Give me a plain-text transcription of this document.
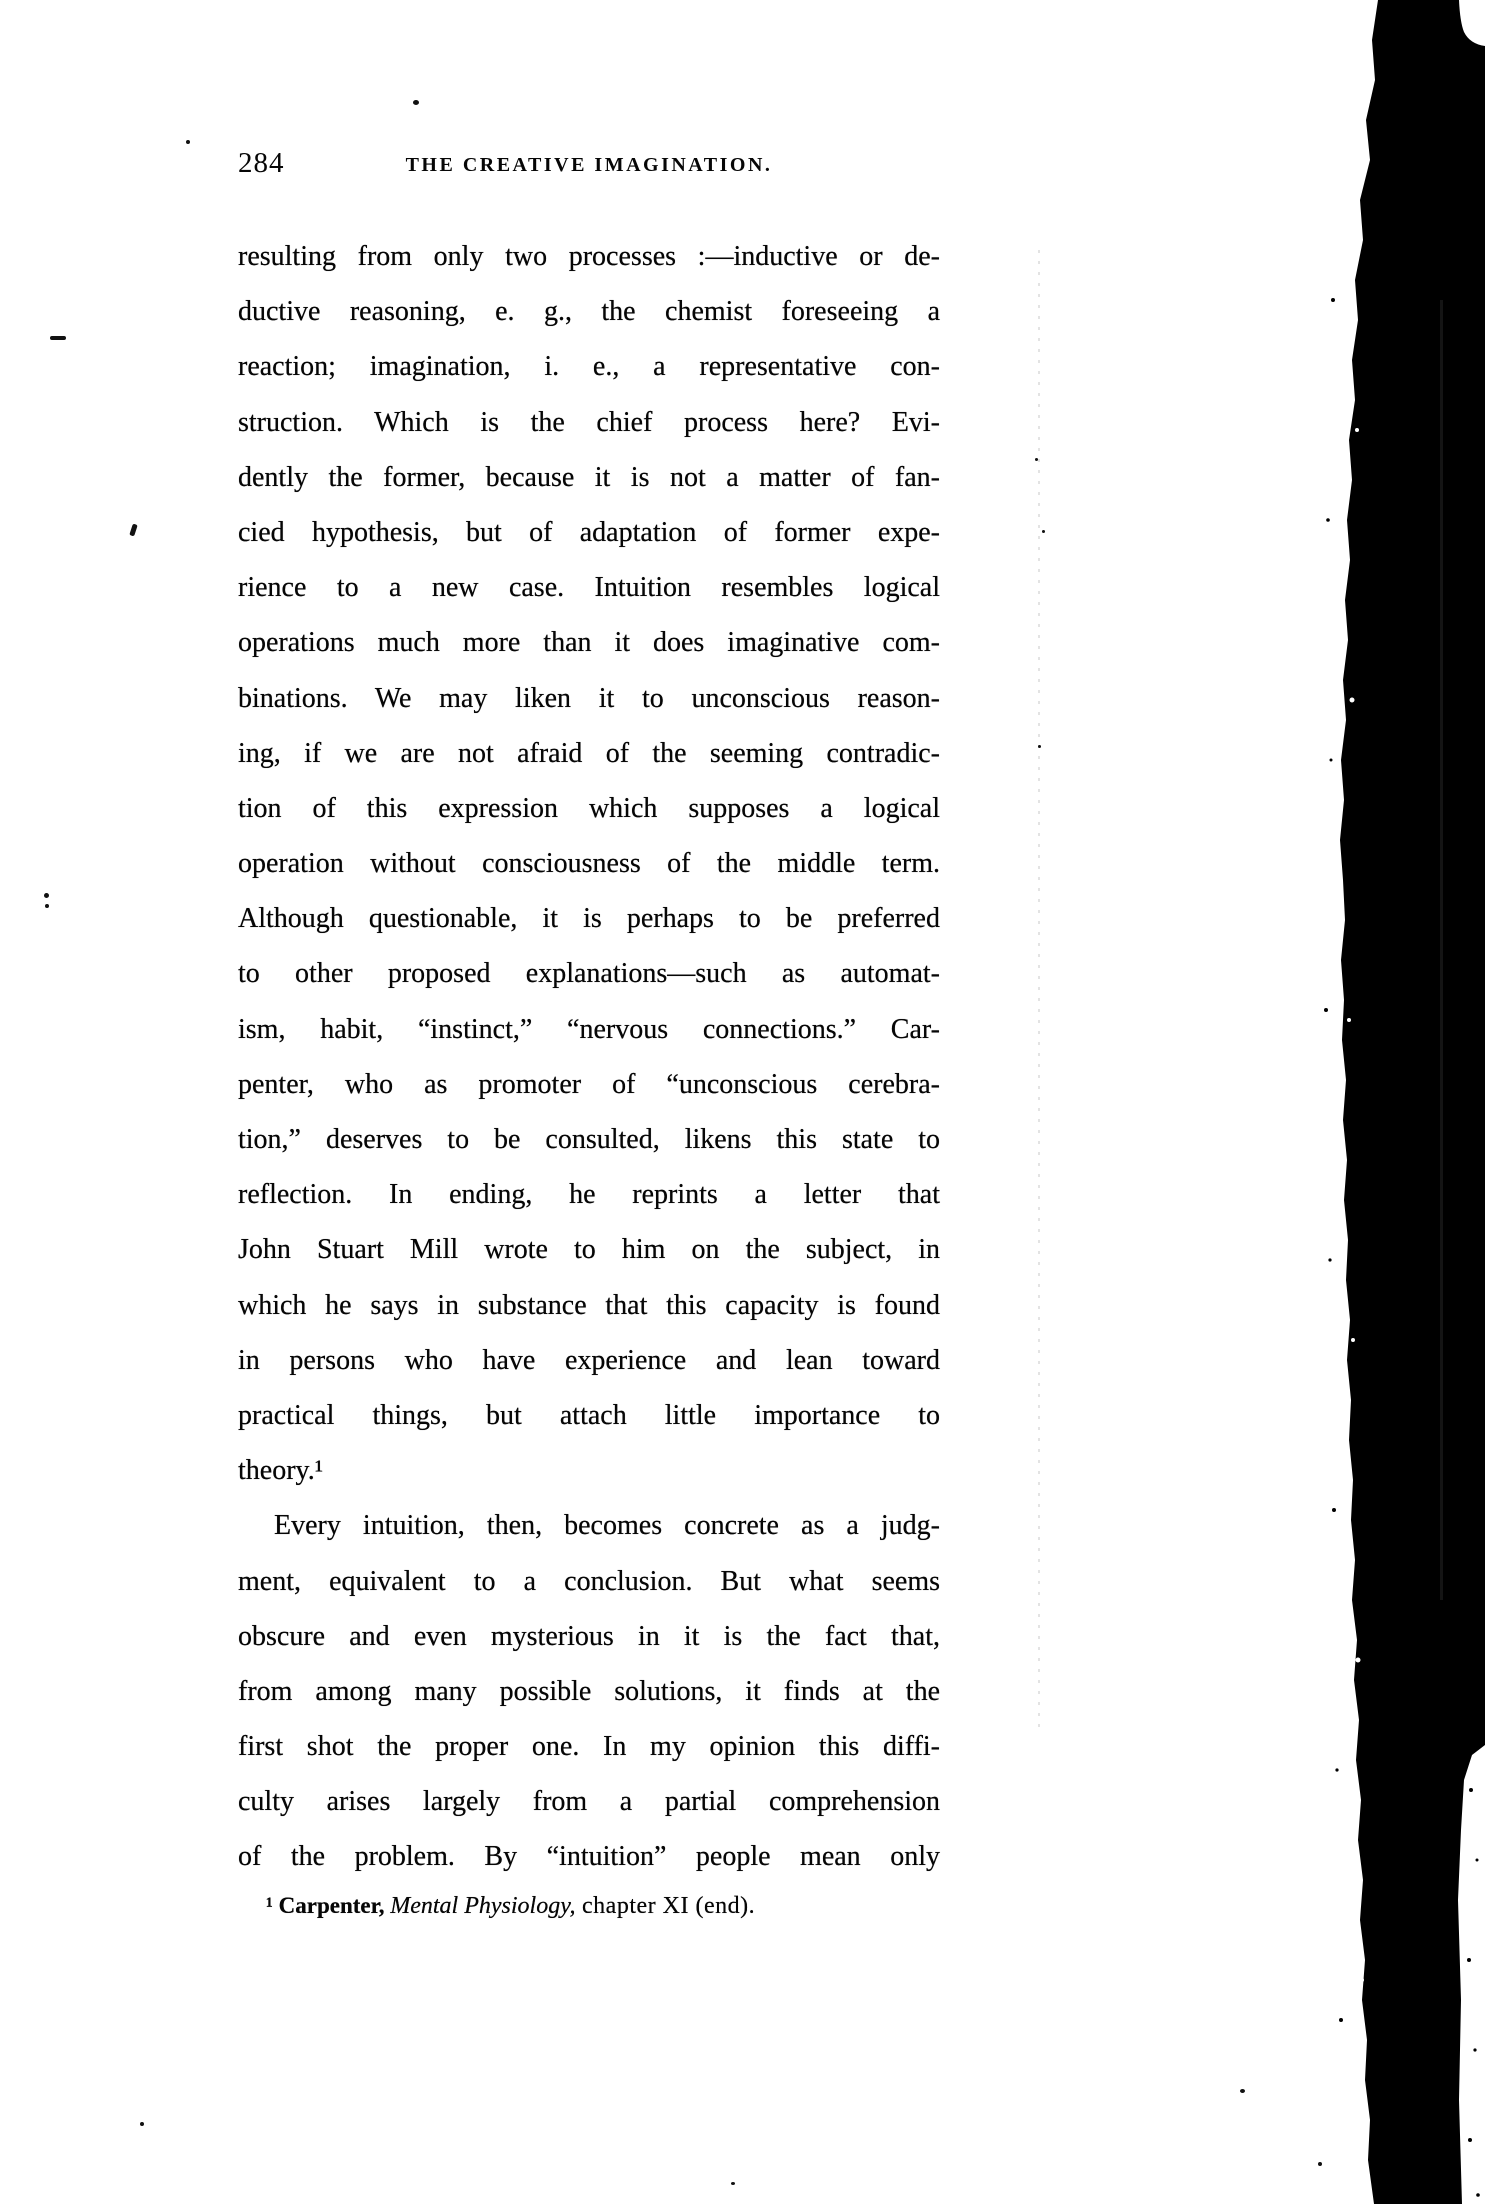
284	THE CREATIVE IMAGINATION.
resulting from only two processes :—inductive or de-
ductive reasoning, e. g., the chemist foreseeing a
reaction; imagination, i. e., a representative con-
struction. Which is the chief process here? Evi-
dently the former, because it is not a matter of fan-
cied hypothesis, but of adaptation of former expe-
rience to a new case. Intuition resembles logical
operations much more than it does imaginative com-
binations. We may liken it to unconscious reason-
ing, if we are not afraid of the seeming contradic-
tion of this expression which supposes a logical
operation without consciousness of the middle term.
Although questionable, it is perhaps to be preferred
to other proposed explanations—such as automat-
ism, habit, “instinct,” “nervous connections.” Car-
penter, who as promoter of “unconscious cerebra-
tion,” deserves to be consulted, likens this state to
reflection. In ending, he reprints a letter that
John Stuart Mill wrote to him on the subject, in
which he says in substance that this capacity is found
in persons who have experience and lean toward
practical things, but attach little importance to
theory.¹
Every intuition, then, becomes concrete as a judg-
ment, equivalent to a conclusion. But what seems
obscure and even mysterious in it is the fact that,
from among many possible solutions, it finds at the
first shot the proper one. In my opinion this diffi-
culty arises largely from a partial comprehension
of the problem. By “intuition” people mean only
¹ Carpenter, Mental Physiology, chapter XI (end).
